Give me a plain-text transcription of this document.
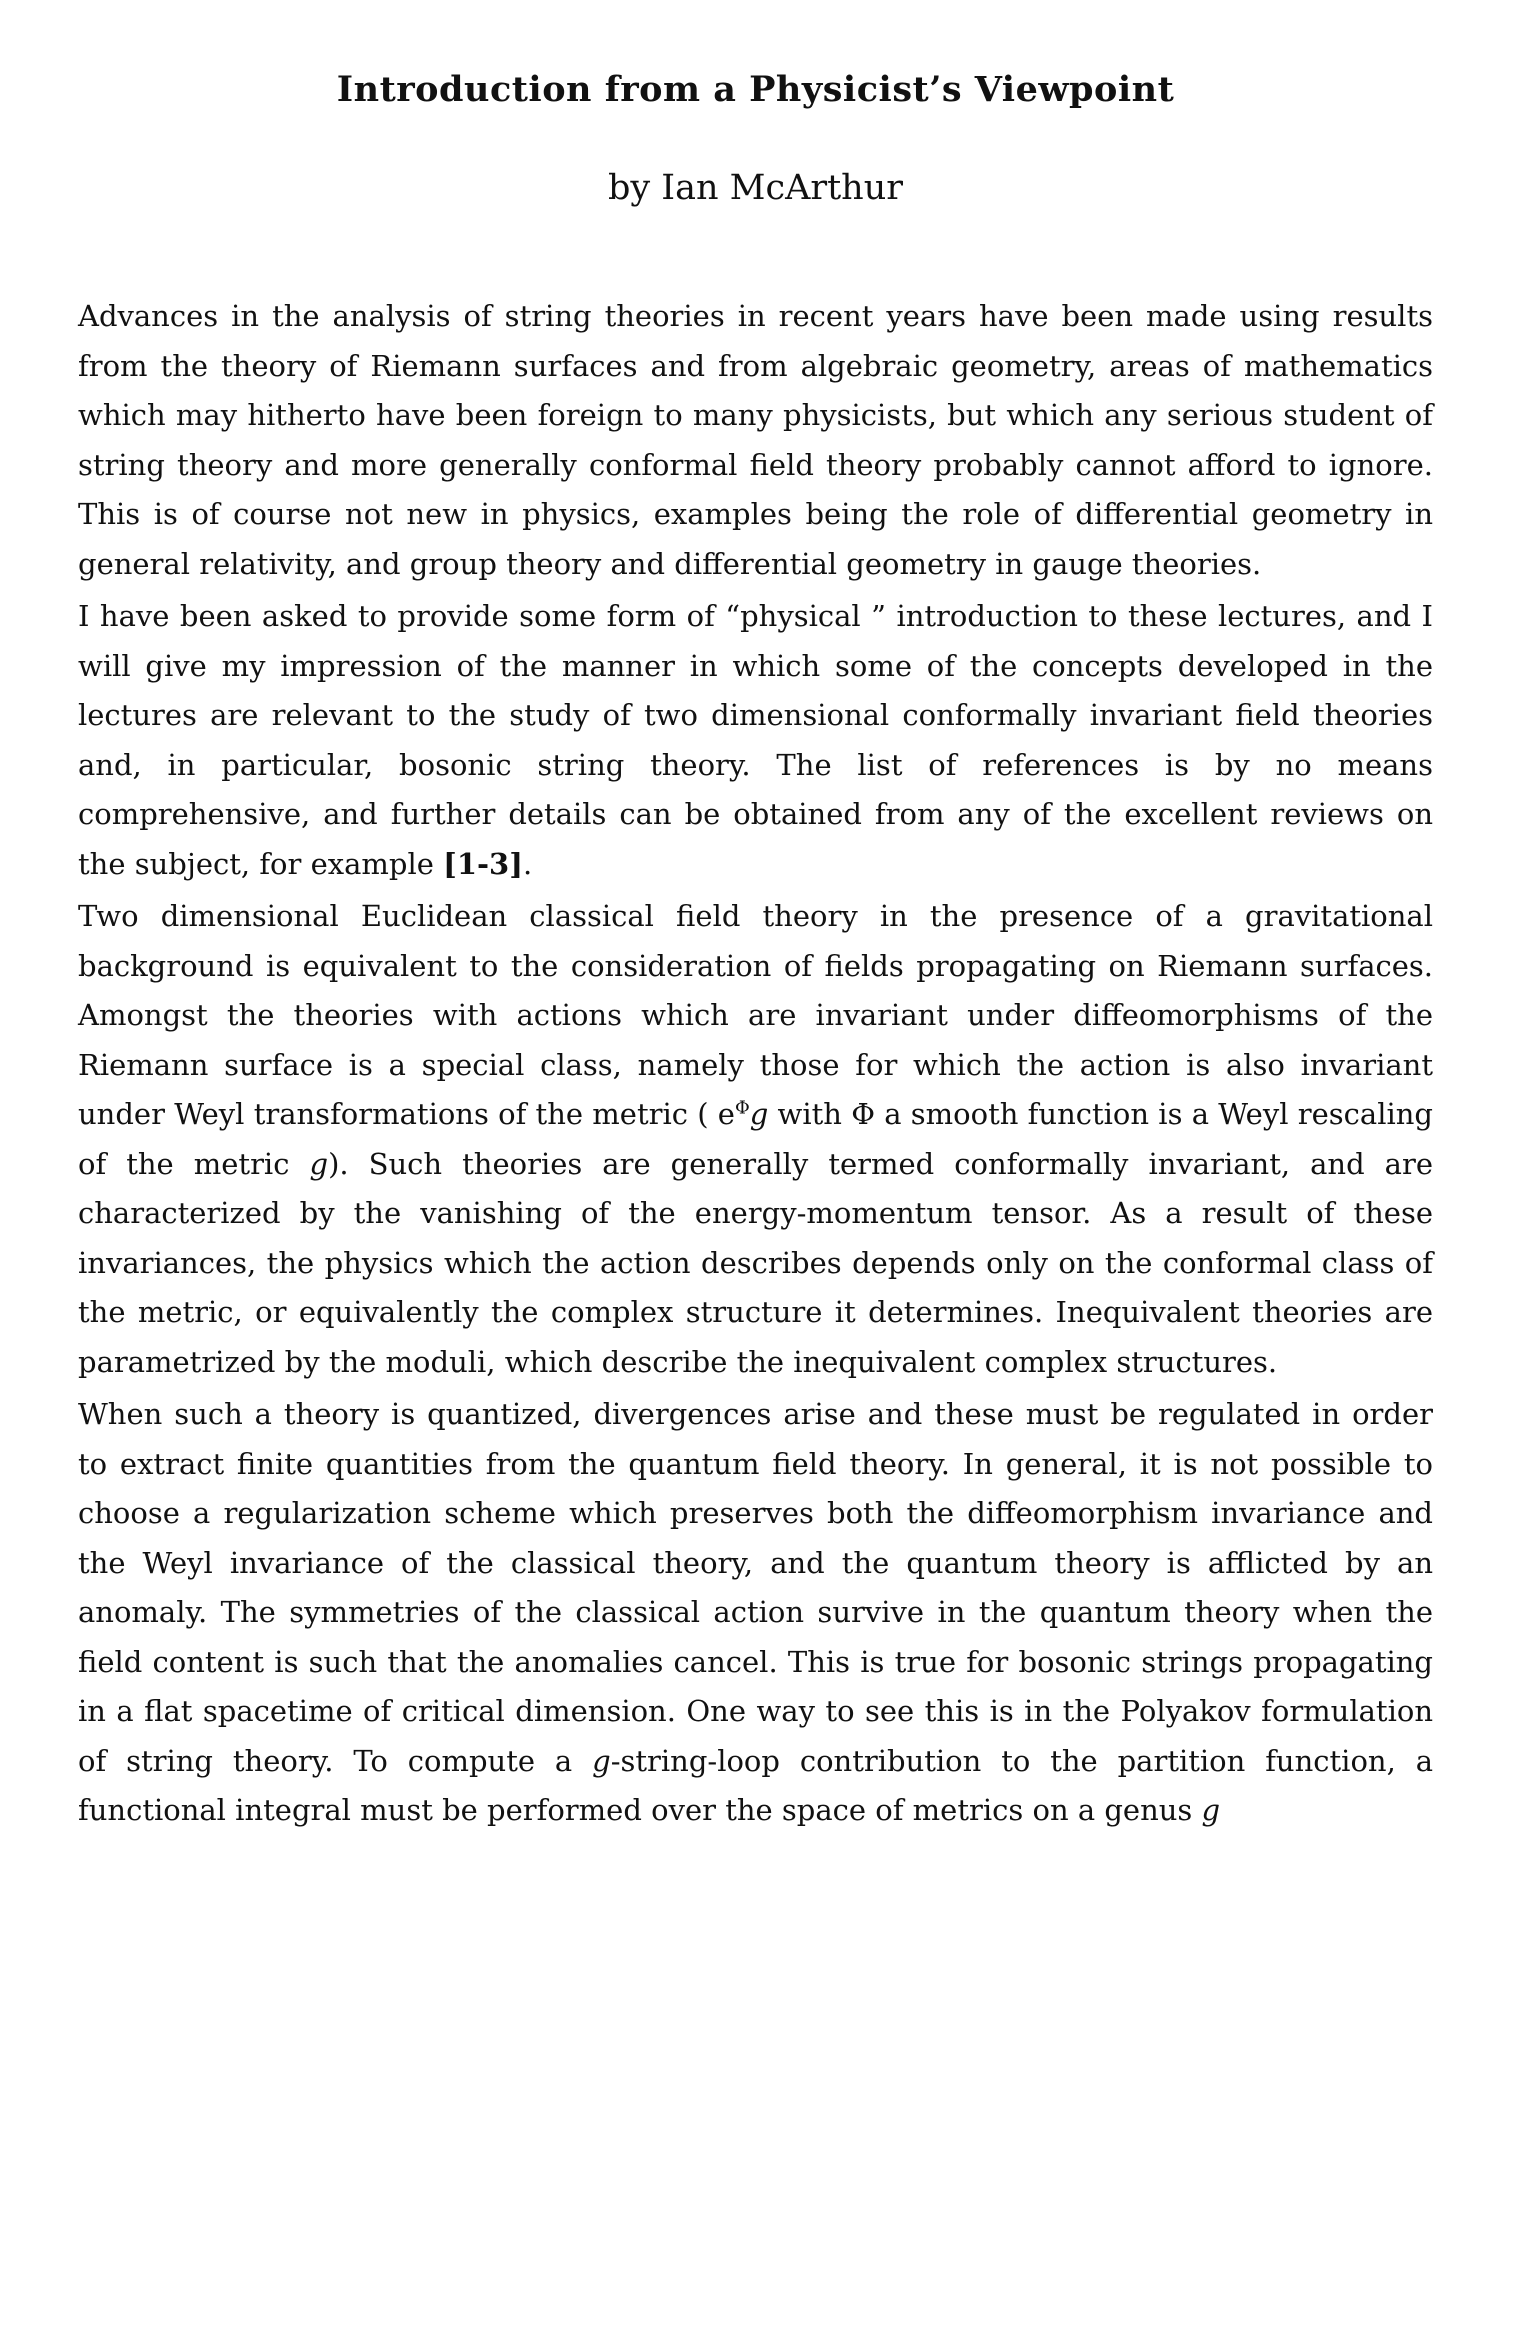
Introduction from a Physicist’s Viewpoint
by Ian McArthur

Advances in the analysis of string theories in recent years have been made using results from the theory of Riemann surfaces and from algebraic geometry, areas of mathematics which may hitherto have been foreign to many physicists, but which any serious student of string theory and more generally conformal field theory probably cannot afford to ignore. This is of course not new in physics, examples being the role of differential geometry in general relativity, and group theory and differential geometry in gauge theories.

I have been asked to provide some form of “physical ” introduction to these lectures, and I will give my impression of the manner in which some of the concepts developed in the lectures are relevant to the study of two dimensional conformally invariant field theories and, in particular, bosonic string theory. The list of references is by no means comprehensive, and further details can be obtained from any of the excellent reviews on the subject, for example [1-3].

Two dimensional Euclidean classical field theory in the presence of a gravitational background is equivalent to the consideration of fields propagating on Riemann surfaces. Amongst the theories with actions which are invariant under diffeomorphisms of the Riemann surface is a special class, namely those for which the action is also invariant under Weyl transformations of the metric ( $e^\Phi g$ with Φ a smooth function is a Weyl rescaling of the metric g). Such theories are generally termed conformally invariant, and are characterized by the vanishing of the energy-momentum tensor. As a result of these invariances, the physics which the action describes depends only on the conformal class of the metric, or equivalently the complex structure it determines. Inequivalent theories are parametrized by the moduli, which describe the inequivalent complex structures.

When such a theory is quantized, divergences arise and these must be regulated in order to extract finite quantities from the quantum field theory. In general, it is not possible to choose a regularization scheme which preserves both the diffeomorphism invariance and the Weyl invariance of the classical theory, and the quantum theory is afflicted by an anomaly. The symmetries of the classical action survive in the quantum theory when the field content is such that the anomalies cancel. This is true for bosonic strings propagating in a flat spacetime of critical dimension. One way to see this is in the Polyakov formulation of string theory. To compute a g-string-loop contribution to the partition function, a functional integral must be performed over the space of metrics on a genus g
